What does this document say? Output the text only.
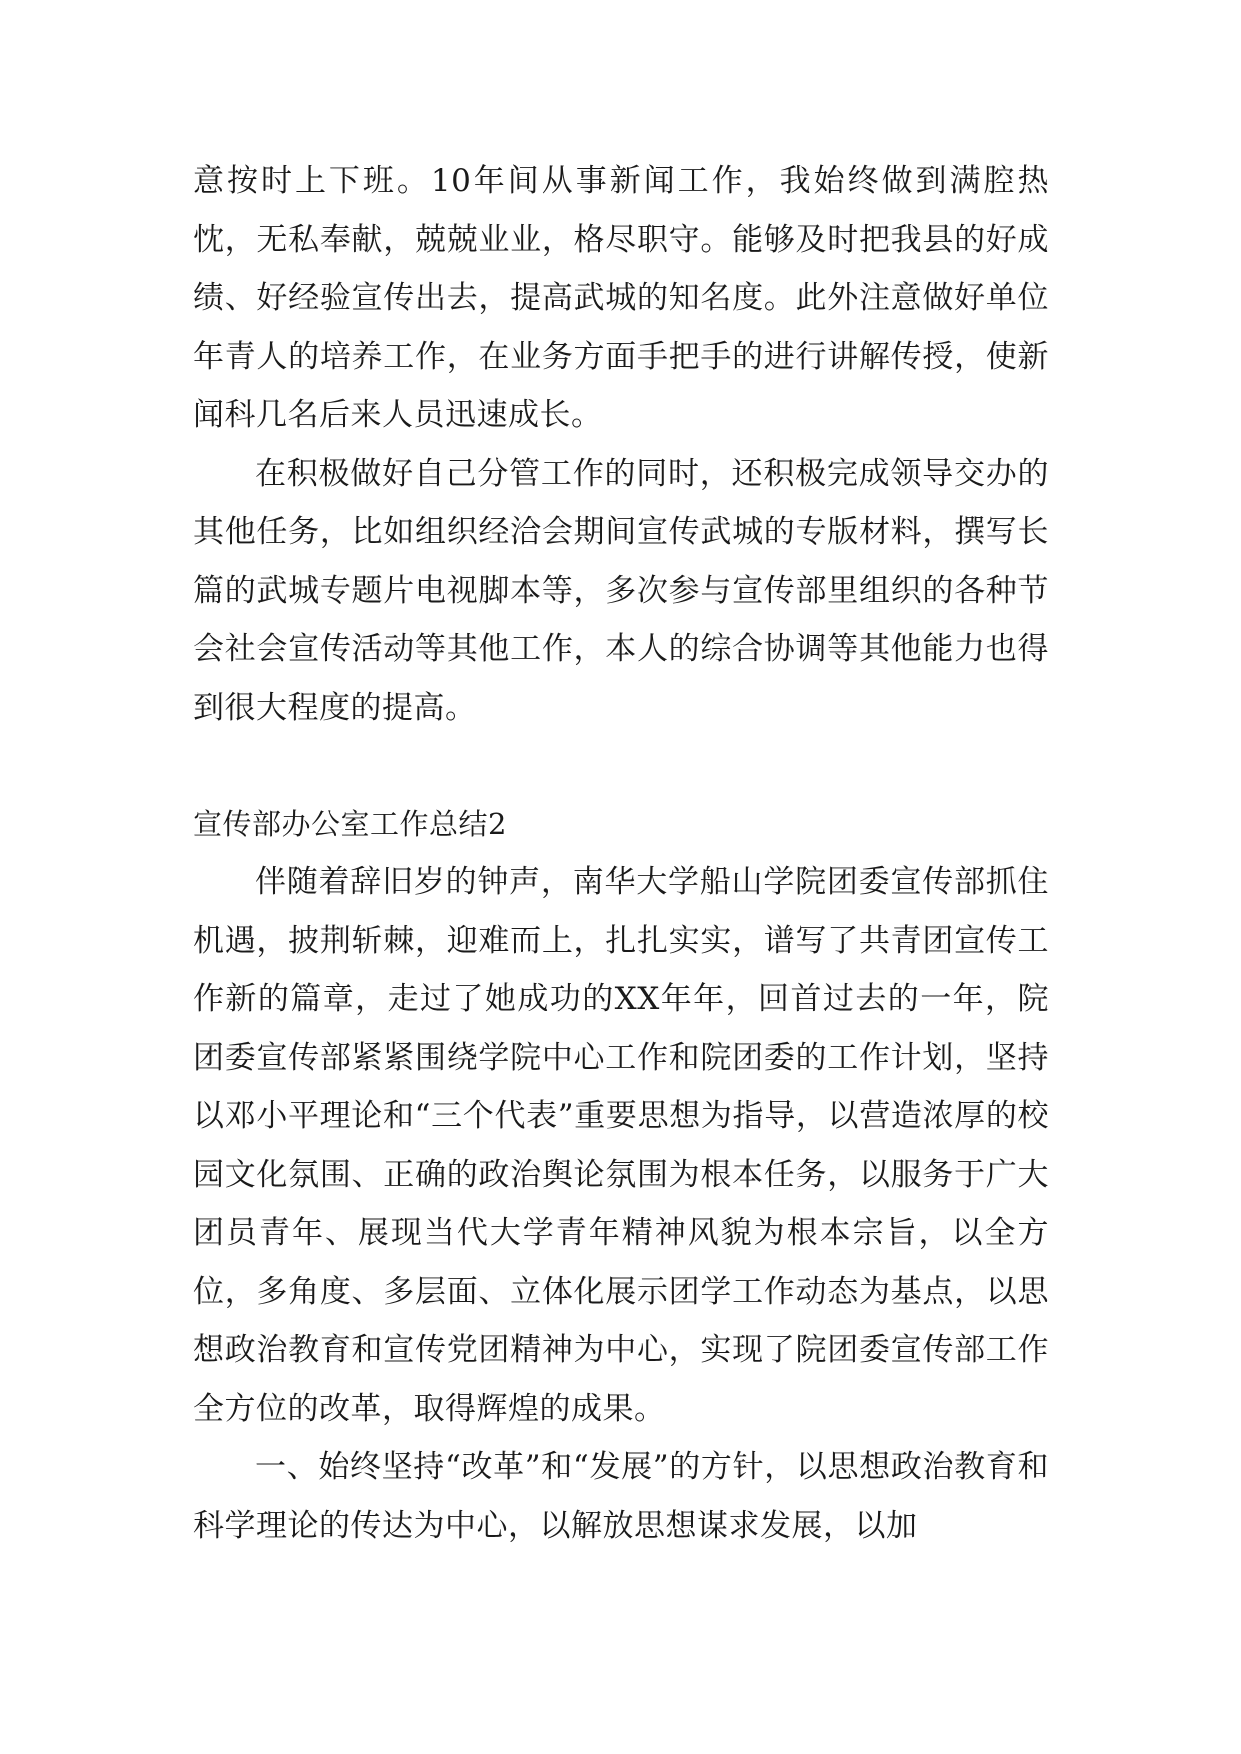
意按时上下班。10年间从事新闻工作，我始终做到满腔热忱，无私奉献，兢兢业业，格尽职守。能够及时把我县的好成绩、好经验宣传出去，提高武城的知名度。此外注意做好单位年青人的培养工作，在业务方面手把手的进行讲解传授，使新闻科几名后来人员迅速成长。

在积极做好自己分管工作的同时，还积极完成领导交办的其他任务，比如组织经洽会期间宣传武城的专版材料，撰写长篇的武城专题片电视脚本等，多次参与宣传部里组织的各种节会社会宣传活动等其他工作，本人的综合协调等其他能力也得到很大程度的提高。

宣传部办公室工作总结2

伴随着辞旧岁的钟声，南华大学船山学院团委宣传部抓住机遇，披荆斩棘，迎难而上，扎扎实实，谱写了共青团宣传工作新的篇章，走过了她成功的XX年年，回首过去的一年，院团委宣传部紧紧围绕学院中心工作和院团委的工作计划，坚持以邓小平理论和“三个代表”重要思想为指导，以营造浓厚的校园文化氛围、正确的政治舆论氛围为根本任务，以服务于广大团员青年、展现当代大学青年精神风貌为根本宗旨，以全方位，多角度、多层面、立体化展示团学工作动态为基点，以思想政治教育和宣传党团精神为中心，实现了院团委宣传部工作全方位的改革，取得辉煌的成果。

一、始终坚持“改革”和“发展”的方针，以思想政治教育和科学理论的传达为中心，以解放思想谋求发展，以加
